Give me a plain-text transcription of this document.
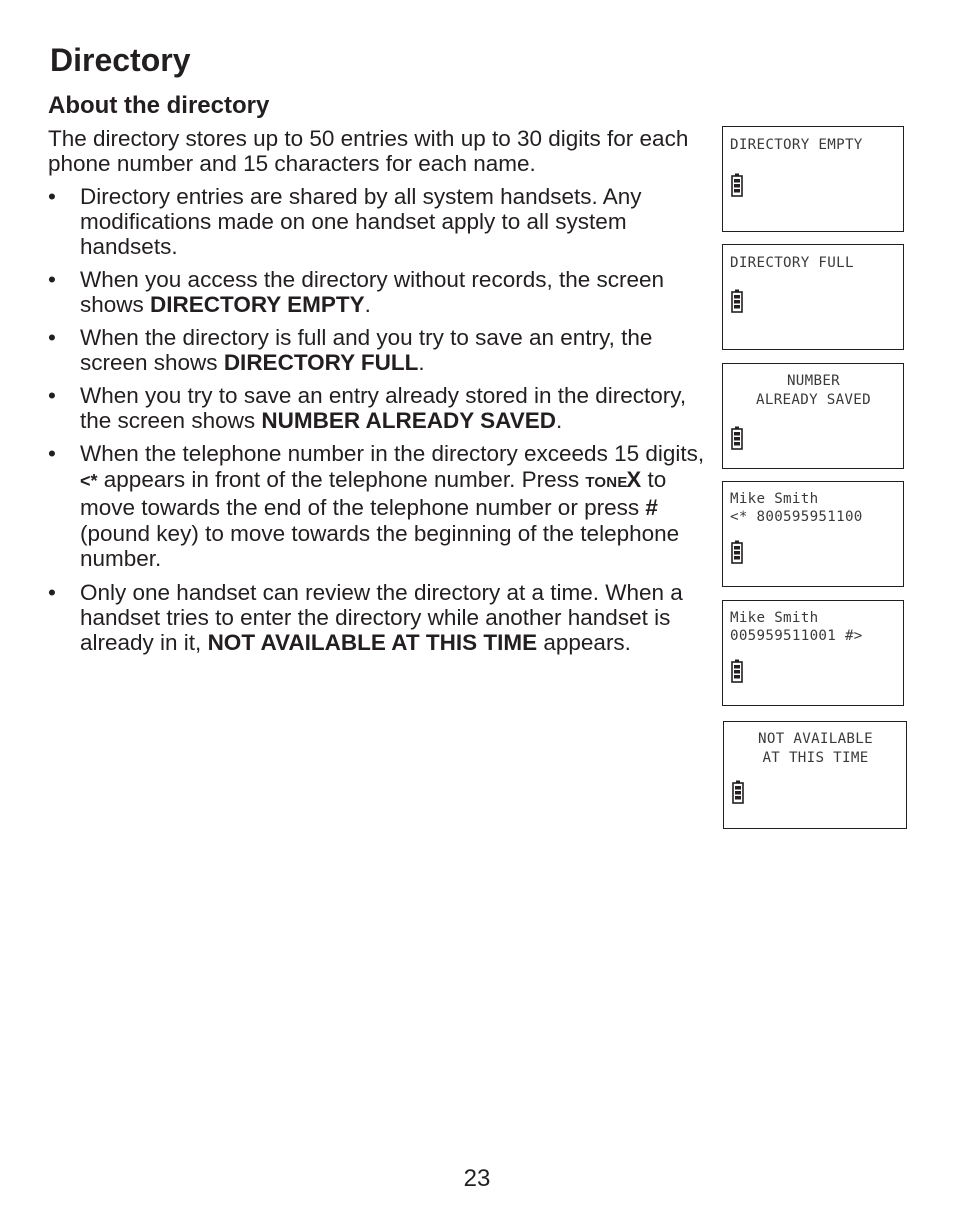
Directory
About the directory

The directory stores up to 50 entries with up to 30 digits for each phone number and 15 characters for each name.

• Directory entries are shared by all system handsets. Any modifications made on one handset apply to all system handsets.
• When you access the directory without records, the screen shows DIRECTORY EMPTY.
• When the directory is full and you try to save an entry, the screen shows DIRECTORY FULL.
• When you try to save an entry already stored in the directory, the screen shows NUMBER ALREADY SAVED.
• When the telephone number in the directory exceeds 15 digits, <* appears in front of the telephone number. Press TONEX to move towards the end of the telephone number or press # (pound key) to move towards the beginning of the telephone number.
• Only one handset can review the directory at a time. When a handset tries to enter the directory while another handset is already in it, NOT AVAILABLE AT THIS TIME appears.
DIRECTORY EMPTY
DIRECTORY FULL
NUMBER
ALREADY SAVED
Mike Smith
<* 800595951100
Mike Smith
005959511001 #>
NOT AVAILABLE
AT THIS TIME
23
